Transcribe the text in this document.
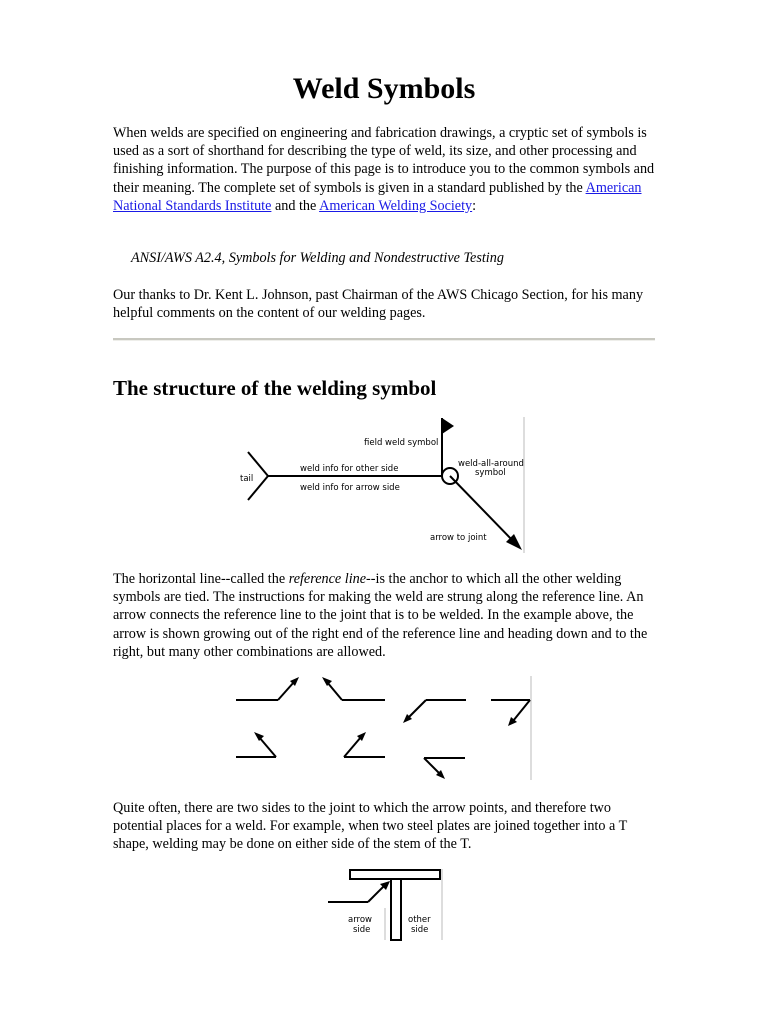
Weld Symbols

When welds are specified on engineering and fabrication drawings, a cryptic set of symbols is used as a sort of shorthand for describing the type of weld, its size, and other processing and finishing information. The purpose of this page is to introduce you to the common symbols and their meaning. The complete set of symbols is given in a standard published by the American National Standards Institute and the American Welding Society:

ANSI/AWS A2.4, Symbols for Welding and Nondestructive Testing

Our thanks to Dr. Kent L. Johnson, past Chairman of the AWS Chicago Section, for his many helpful comments on the content of our welding pages.

The structure of the welding symbol
tail
field weld symbol
weld info for other side
weld info for arrow side
weld-all-around
symbol
arrow to joint

The horizontal line--called the reference line--is the anchor to which all the other welding symbols are tied. The instructions for making the weld are strung along the reference line. An arrow connects the reference line to the joint that is to be welded. In the example above, the arrow is shown growing out of the right end of the reference line and heading down and to the right, but many other combinations are allowed.

Quite often, there are two sides to the joint to which the arrow points, and therefore two potential places for a weld. For example, when two steel plates are joined together into a T shape, welding may be done on either side of the stem of the T.

arrow
side
other
side
